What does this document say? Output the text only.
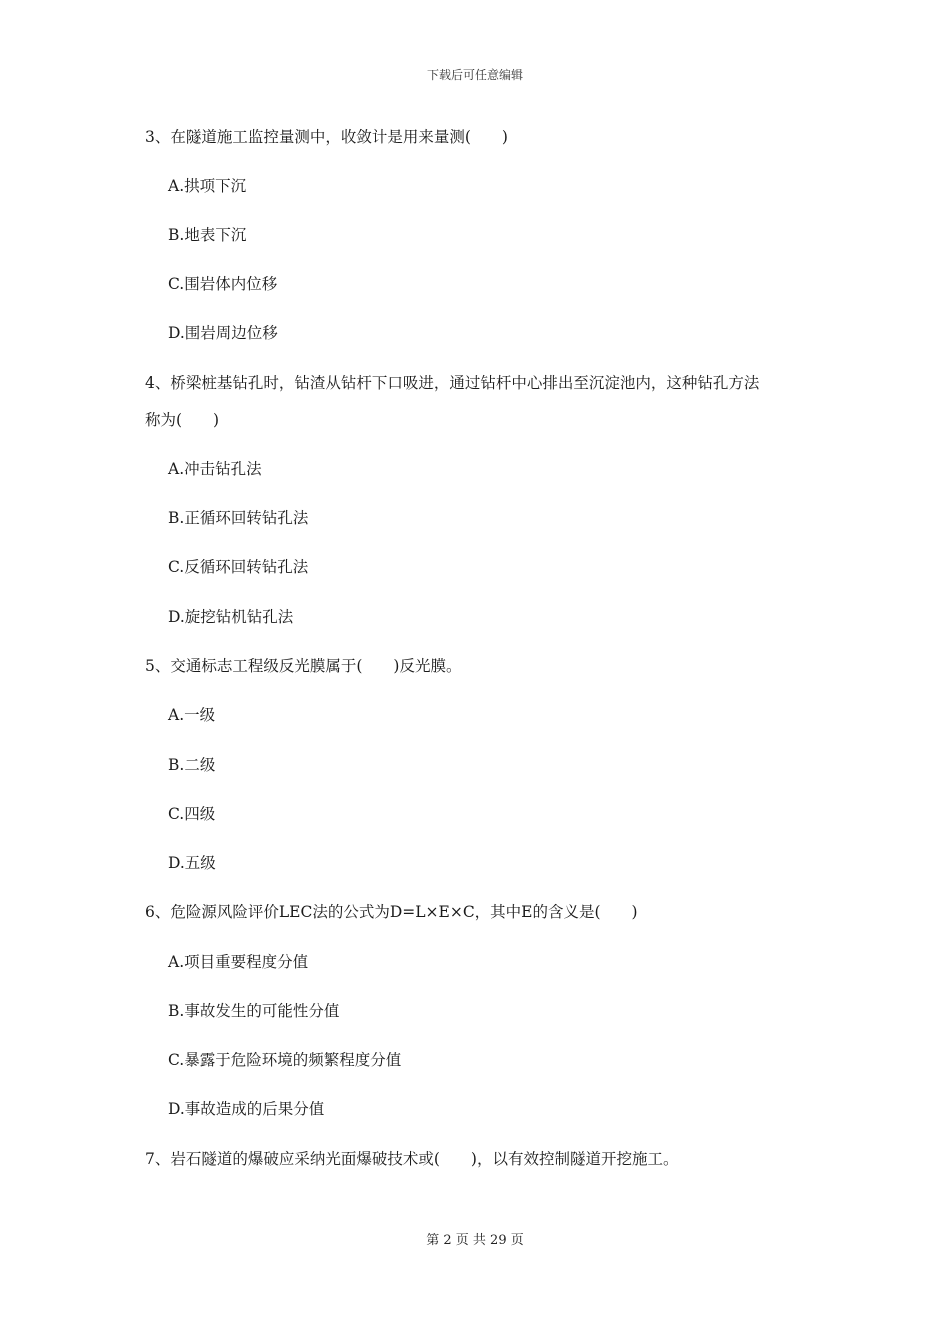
下载后可任意编辑
3、在隧道施工监控量测中，收敛计是用来量测(　　)
A.拱项下沉
B.地表下沉
C.围岩体内位移
D.围岩周边位移
4、桥梁桩基钻孔时，钻渣从钻杆下口吸进，通过钻杆中心排出至沉淀池内，这种钻孔方法
称为(　　)
A.冲击钻孔法
B.正循环回转钻孔法
C.反循环回转钻孔法
D.旋挖钻机钻孔法
5、交通标志工程级反光膜属于(　　)反光膜。
A.一级
B.二级
C.四级
D.五级
6、危险源风险评价LEC法的公式为D=L×E×C，其中E的含义是(　　)
A.项目重要程度分值
B.事故发生的可能性分值
C.暴露于危险环境的频繁程度分值
D.事故造成的后果分值
7、岩石隧道的爆破应采纳光面爆破技术或(　　)，以有效控制隧道开挖施工。
第 2 页 共 29 页
